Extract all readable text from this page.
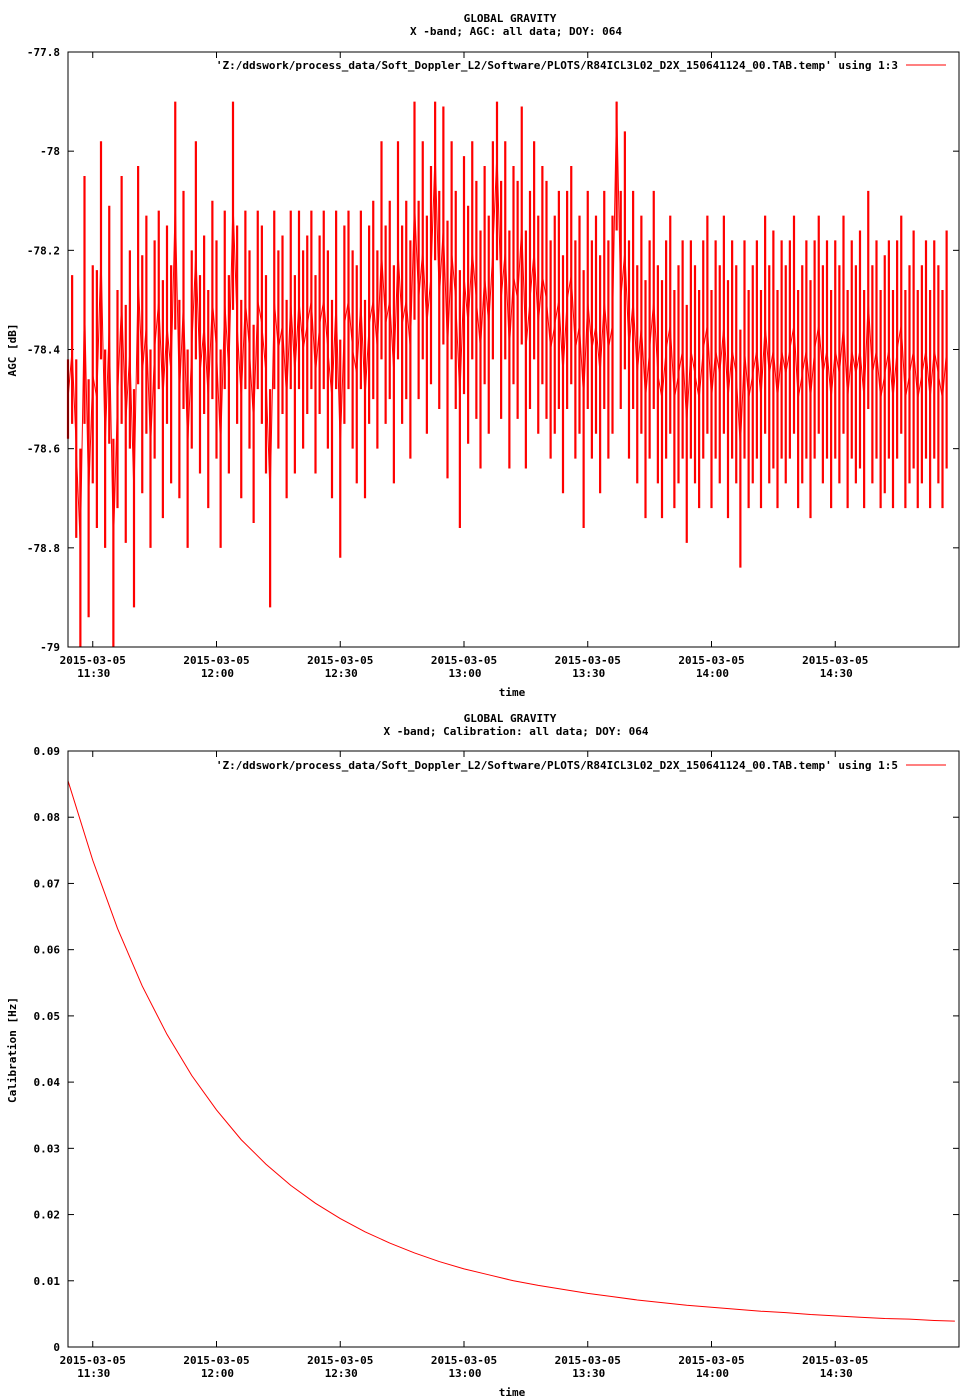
GLOBAL GRAVITY
X -band; AGC: all data; DOY: 064
AGC [dB]
time
-77.8
-78
-78.2
-78.4
-78.6
-78.8
-79
2015-03-05
11:30
2015-03-05
12:00
2015-03-05
12:30
2015-03-05
13:00
2015-03-05
13:30
2015-03-05
14:00
2015-03-05
14:30
'Z:/ddswork/process_data/Soft_Doppler_L2/Software/PLOTS/R84ICL3L02_D2X_150641124_00.TAB.temp' using 1:3
GLOBAL GRAVITY
X -band; Calibration: all data; DOY: 064
Calibration [Hz]
time
0.09
0.08
0.07
0.06
0.05
0.04
0.03
0.02
0.01
0
2015-03-05
11:30
2015-03-05
12:00
2015-03-05
12:30
2015-03-05
13:00
2015-03-05
13:30
2015-03-05
14:00
2015-03-05
14:30
'Z:/ddswork/process_data/Soft_Doppler_L2/Software/PLOTS/R84ICL3L02_D2X_150641124_00.TAB.temp' using 1:5
